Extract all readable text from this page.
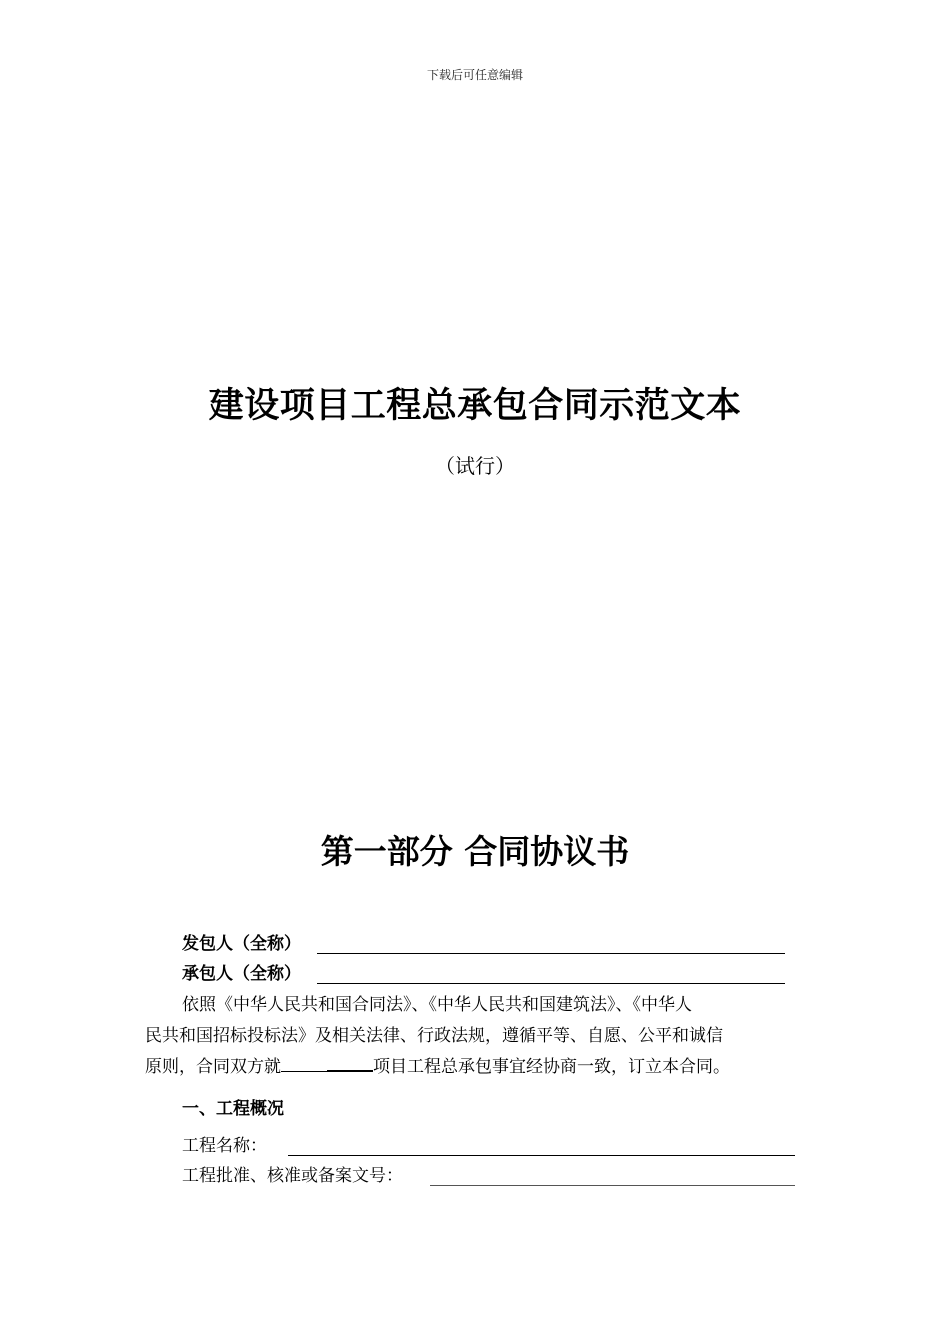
下载后可任意编辑
建设项目工程总承包合同示范文本
（试行）
第一部分 合同协议书
发包人（全称）
承包人（全称）
依照《中华人民共和国合同法》、《中华人民共和国建筑法》、《中华人
民共和国招标投标法》及相关法律、行政法规，遵循平等、自愿、公平和诚信
原则，合同双方就	项目工程总承包事宜经协商一致，订立本合同。
一、工程概况
工程名称：
工程批准、核准或备案文号：
